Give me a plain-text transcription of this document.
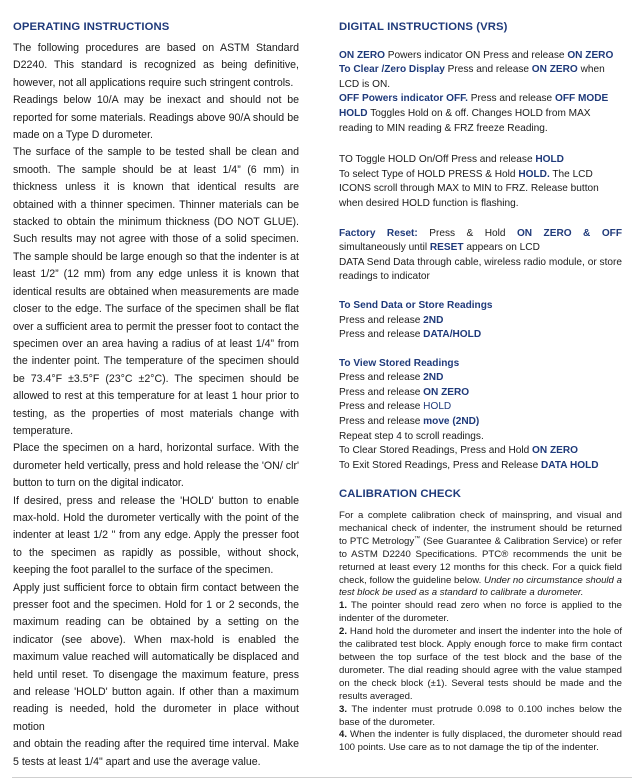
OPERATING INSTRUCTIONS

The following procedures are based on ASTM Standard D2240. This standard is recognized as being definitive, however, not all applications require such stringent controls.

Readings below 10/A may be inexact and should not be reported for some materials. Readings above 90/A should be made on a Type D durometer.

The surface of the sample to be tested shall be clean and smooth. The sample should be at least 1/4” (6 mm) in thickness unless it is known that identical results are obtained with a thinner specimen. Thinner materials can be stacked to obtain the minimum thickness (DO NOT GLUE). Such results may not agree with those of a solid specimen. The sample should be large enough so that the indenter is at least 1/2” (12 mm) from any edge unless it is known that identical results are obtained when measurements are made closer to the edge. The surface of the specimen shall be flat over a sufficient area to permit the presser foot to contact the specimen over an area having a radius of at least 1/4” from the indenter point. The temperature of the specimen should be 73.4°F ±3.5°F (23°C ±2°C). The specimen should be allowed to rest at this temperature for at least 1 hour prior to testing, as the properties of most materials change with temperature.

Place the specimen on a hard, horizontal surface. With the durometer held vertically, press and hold release the 'ON/ clr' button to turn on the digital indicator.

If desired, press and release the 'HOLD' button to enable max-hold. Hold the durometer vertically with the point of the indenter at least 1/2 " from any edge. Apply the presser foot to the specimen as rapidly as possible, without shock, keeping the foot parallel to the surface of the specimen.

Apply just sufficient force to obtain firm contact between the presser foot and the specimen. Hold for 1 or 2 seconds, the maximum reading can be obtained by a setting on the indicator (see above). When max-hold is enabled the maximum value reached will automatically be displaced and held until reset. To disengage the maximum feature, press and release 'HOLD' button again. If other than a maximum reading is needed, hold the durometer in place without motion

and obtain the reading after the required time interval. Make 5 tests at least 1/4" apart and use the average value.

DIGITAL INSTRUCTIONS (VRS)
ON ZERO Powers indicator ON Press and release ON ZERO
To Clear /Zero Display Press and release ON ZERO when LCD is ON.
OFF Powers indicator OFF. Press and release OFF MODE
HOLD Toggles Hold on & off. Changes HOLD from MAX reading to MIN reading & FRZ freeze Reading.
TO Toggle HOLD On/Off Press and release HOLD
To select Type of HOLD PRESS & Hold HOLD. The LCD ICONS scroll through MAX to MIN to FRZ. Release button when desired HOLD function is flashing.
Factory Reset: Press & Hold ON ZERO & OFF simultaneously until RESET appears on LCD
DATA Send Data through cable, wireless radio module, or store readings to indicator
To Send Data or Store Readings
Press and release 2ND
Press and release DATA/HOLD
To View Stored Readings
Press and release 2ND
Press and release ON ZERO
Press and release HOLD
Press and release move (2ND)
Repeat step 4 to scroll readings.
To Clear Stored Readings, Press and Hold ON ZERO
To Exit Stored Readings, Press and Release DATA HOLD
CALIBRATION CHECK
For a complete calibration check of mainspring, and visual and mechanical check of indenter, the instrument should be returned to PTC Metrology™ (See Guarantee & Calibration Service) or refer to ASTM D2240 Specifications. PTC® recommends the unit be returned at least every 12 months for this check. For a quick field check, follow the guideline below. Under no circumstance should a test block be used as a standard to calibrate a durometer.
1. The pointer should read zero when no force is applied to the indenter of the durometer.
2. Hand hold the durometer and insert the indenter into the hole of the calibrated test block. Apply enough force to make firm contact between the top surface of the test block and the base of the durometer. The dial reading should agree with the value stamped on the check block (±1). Several tests should be made and the results averaged.
3. The indenter must protrude 0.098 to 0.100 inches below the base of the durometer.
4. When the indenter is fully displaced, the durometer should read 100 points. Use care as to not damage the tip of the indenter.
